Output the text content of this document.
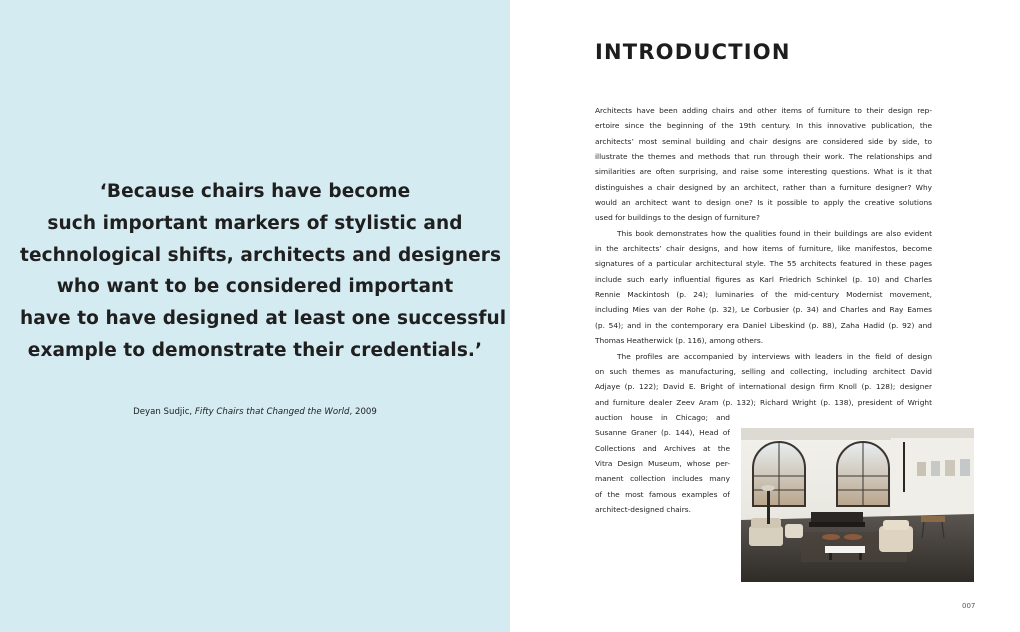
‘Because chairs have become
such important markers of stylistic and
technological shifts, architects and designers
who want to be considered important
have to have designed at least one successful
example to demonstrate their credentials.’
Deyan Sudjic, Fifty Chairs that Changed the World, 2009
INTRODUCTION
Architects have been adding chairs and other items of furniture to their design rep-
ertoire since the beginning of the 19th century. In this innovative publication, the
architects’ most seminal building and chair designs are considered side by side, to
illustrate the themes and methods that run through their work. The relationships and
similarities are often surprising, and raise some interesting questions. What is it that
distinguishes a chair designed by an architect, rather than a furniture designer? Why
would an architect want to design one? Is it possible to apply the creative solutions
used for buildings to the design of furniture?
This book demonstrates how the qualities found in their buildings are also evident
in the architects’ chair designs, and how items of furniture, like manifestos, become
signatures of a particular architectural style. The 55 architects featured in these pages
include such early influential figures as Karl Friedrich Schinkel (p. 10) and Charles
Rennie Mackintosh (p. 24); luminaries of the mid-century Modernist movement,
including Mies van der Rohe (p. 32), Le Corbusier (p. 34) and Charles and Ray Eames
(p. 54); and in the contemporary era Daniel Libeskind (p. 88), Zaha Hadid (p. 92) and
Thomas Heatherwick (p. 116), among others.
The profiles are accompanied by interviews with leaders in the field of design
on such themes as manufacturing, selling and collecting, including architect David
Adjaye (p. 122); David E. Bright of international design firm Knoll (p. 128); designer
and furniture dealer Zeev Aram (p. 132); Richard Wright (p. 138), president of Wright
auction house in Chicago; and
Susanne Graner (p. 144), Head of
Collections and Archives at the
Vitra Design Museum, whose per-
manent collection includes many
of the most famous examples of
architect-designed chairs.
007
